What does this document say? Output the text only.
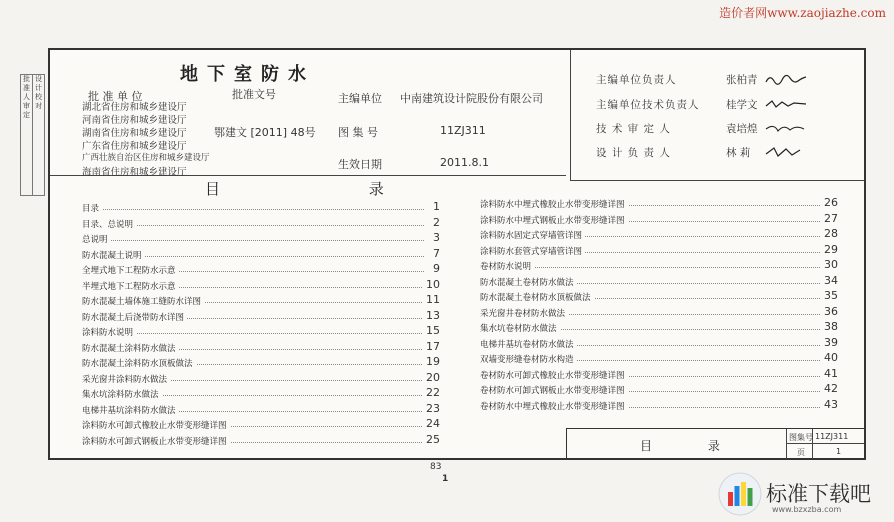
造价者网www.zaojiazhe.com
批 准 人 审 定
设 计 校 对
地下室防水
批 准 单 位	批准文号
湖北省住房和城乡建设厅
河南省住房和城乡建设厅
湖南省住房和城乡建设厅
广东省住房和城乡建设厅
广西壮族自治区住房和城乡建设厅
海南省住房和城乡建设厅
鄂建文 [2011] 48号
主编单位 中南建筑设计院股份有限公司
图 集 号	11ZJ311
生效日期	2011.8.1
主编单位负责人	张柏青
主编单位技术负责人	桂学文
技 术 审 定 人	袁培煌
设 计 负 责 人	林 莉
目 录
目录	1
目录、总说明	2
总说明	3
防水混凝土说明	7
全埋式地下工程防水示意	9
半埋式地下工程防水示意	10
防水混凝土墙体施工缝防水详图	11
防水混凝土后浇带防水详图	13
涂料防水说明	15
防水混凝土涂料防水做法	17
防水混凝土涂料防水顶板做法	19
采光窗井涂料防水做法	20
集水坑涂料防水做法	22
电梯井基坑涂料防水做法	23
涂料防水可卸式橡胶止水带变形缝详图	24
涂料防水可卸式钢板止水带变形缝详图	25
涂料防水中埋式橡胶止水带变形缝详图	26
涂料防水中埋式钢板止水带变形缝详图	27
涂料防水固定式穿墙管详图	28
涂料防水套管式穿墙管详图	29
卷材防水说明	30
防水混凝土卷材防水做法	34
防水混凝土卷材防水顶板做法	35
采光窗井卷材防水做法	36
集水坑卷材防水做法	38
电梯井基坑卷材防水做法	39
双墙变形缝卷材防水构造	40
卷材防水可卸式橡胶止水带变形缝详图	41
卷材防水可卸式钢板止水带变形缝详图	42
卷材防水中埋式橡胶止水带变形缝详图	43
目 录
图集号 11ZJ311
页	1
83
1
标准下载吧
www.bzxzba.com
